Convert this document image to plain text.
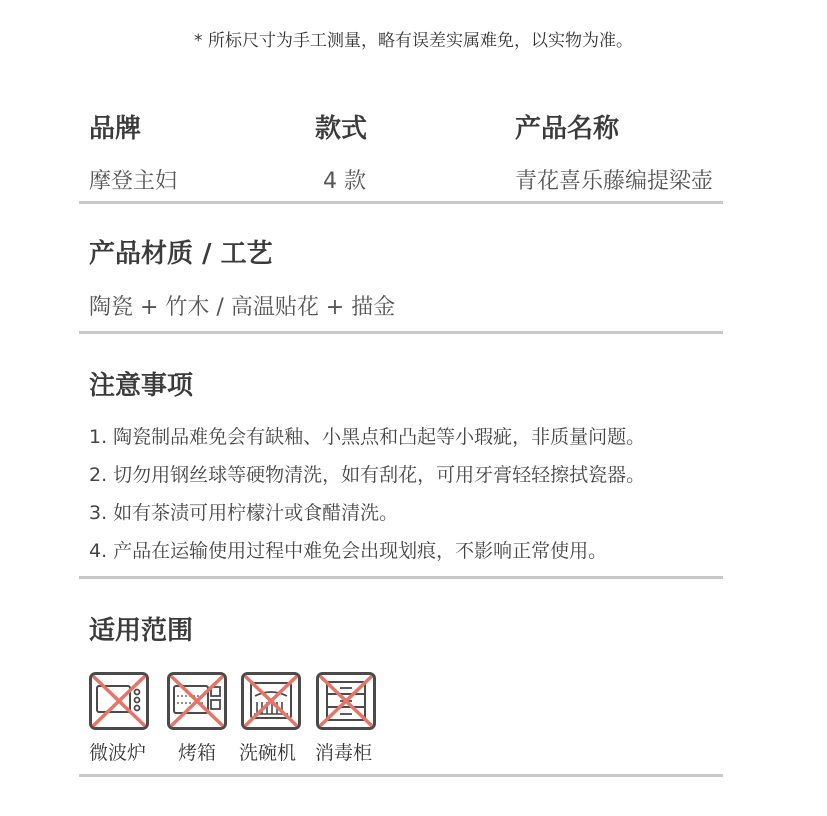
* 所标尺寸为手工测量，略有误差实属难免，以实物为准。
品牌
摩登主妇
款式
4 款
产品名称
青花喜乐藤编提梁壶
产品材质 / 工艺
陶瓷 + 竹木 / 高温贴花 + 描金
注意事项
1. 陶瓷制品难免会有缺釉、小黑点和凸起等小瑕疵，非质量问题。
2. 切勿用钢丝球等硬物清洗，如有刮花，可用牙膏轻轻擦拭瓷器。
3. 如有茶渍可用柠檬汁或食醋清洗。
4. 产品在运输使用过程中难免会出现划痕，不影响正常使用。
适用范围
微波炉 烤箱 洗碗机 消毒柜
